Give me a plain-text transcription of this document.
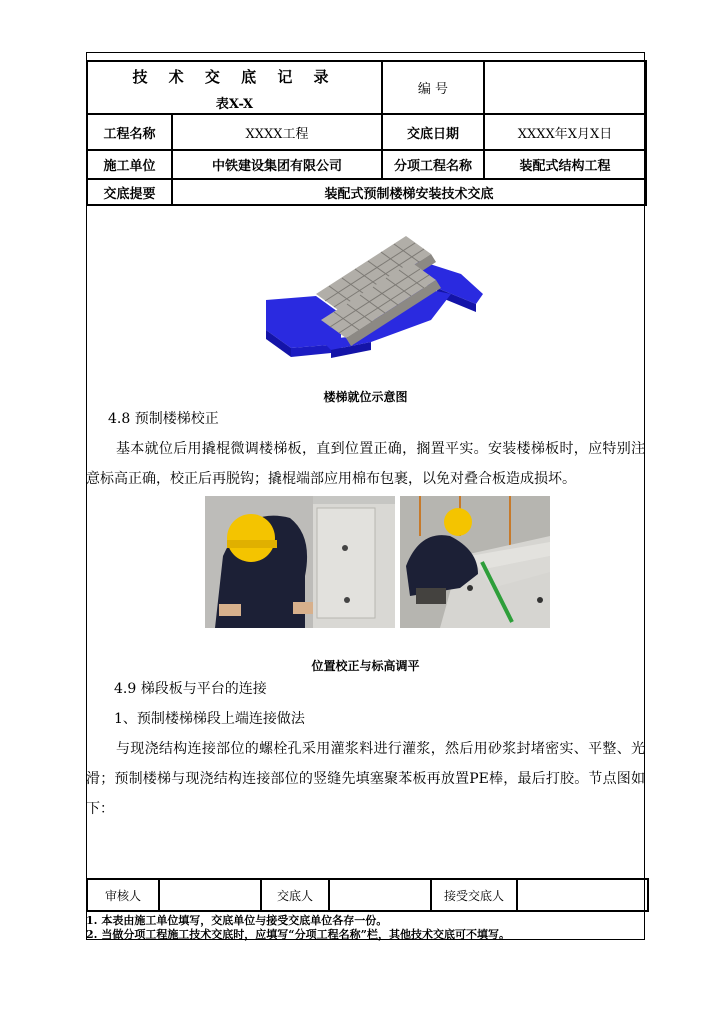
技 术 交 底 记 录
表X-X		编 号	
工程名称	XXXX工程	交底日期	XXXX年X月X日
施工单位	中铁建设集团有限公司	分项工程名称	装配式结构工程
交底提要	装配式预制楼梯安装技术交底		
楼梯就位示意图
4.8 预制楼梯校正
基本就位后用撬棍微调楼梯板，直到位置正确，搁置平实。安装楼梯板时，应特别注意标高正确，校正后再脱钩；撬棍端部应用棉布包裹，以免对叠合板造成损坏。
位置校正与标高调平
4.9 梯段板与平台的连接
1、预制楼梯梯段上端连接做法
与现浇结构连接部位的螺栓孔采用灌浆料进行灌浆，然后用砂浆封堵密实、平整、光滑；预制楼梯与现浇结构连接部位的竖缝先填塞聚苯板再放置PE棒，最后打胶。节点图如下：
审核人		交底人		接受交底人	
1. 本表由施工单位填写，交底单位与接受交底单位各存一份。
2. 当做分项工程施工技术交底时，应填写“分项工程名称”栏，其他技术交底可不填写。
